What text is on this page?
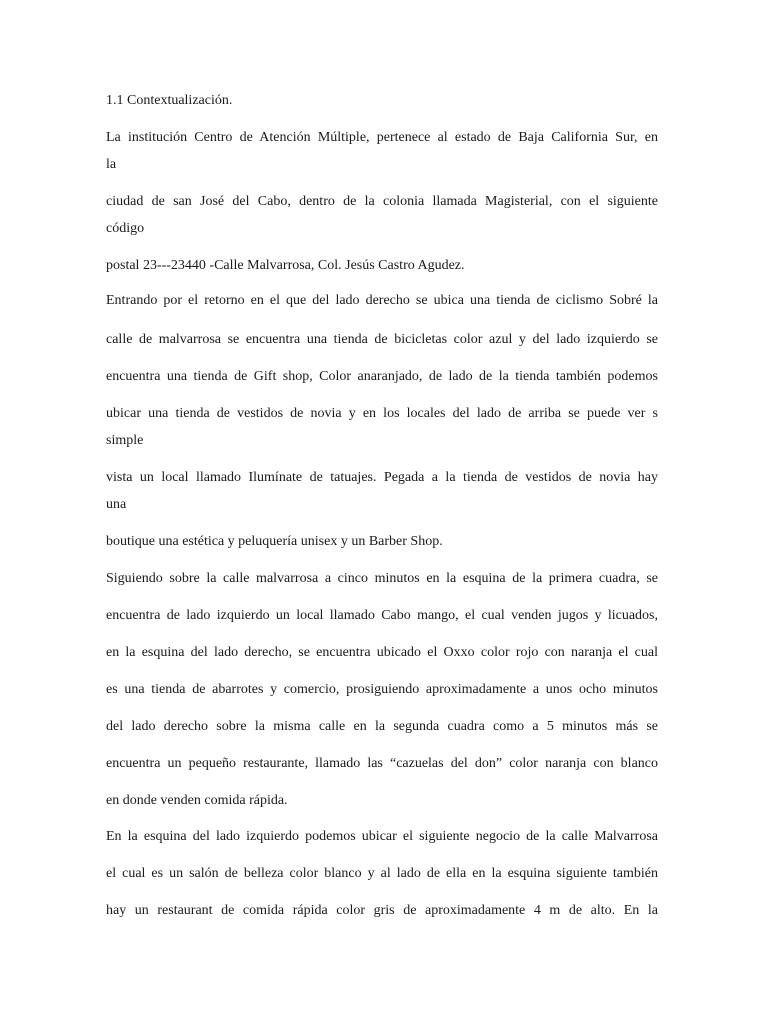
1.1 Contextualización.
La institución Centro de Atención Múltiple, pertenece al estado de Baja California Sur, en
la
ciudad de san José del Cabo, dentro de la colonia llamada Magisterial, con el siguiente
código
postal 23---23440 -Calle Malvarrosa, Col. Jesús Castro Agudez.
Entrando por el retorno en el que del lado derecho se ubica una tienda de ciclismo Sobré la
calle de malvarrosa se encuentra una tienda de bicicletas color azul y del lado izquierdo se
encuentra una tienda de Gift shop, Color anaranjado, de lado de la tienda también podemos
ubicar una tienda de vestidos de novia y en los locales del lado de arriba se puede ver s
simple
vista un local llamado Ilumínate de tatuajes. Pegada a la tienda de vestidos de novia hay
una
boutique una estética y peluquería unisex y un Barber Shop.
Siguiendo sobre la calle malvarrosa a cinco minutos en la esquina de la primera cuadra, se
encuentra de lado izquierdo un local llamado Cabo mango, el cual venden jugos y licuados,
en la esquina del lado derecho, se encuentra ubicado el Oxxo color rojo con naranja el cual
es una tienda de abarrotes y comercio, prosiguiendo aproximadamente a unos ocho minutos
del lado derecho sobre la misma calle en la segunda cuadra como a 5 minutos más se
encuentra un pequeño restaurante, llamado las “cazuelas del don” color naranja con blanco
en donde venden comida rápida.
En la esquina del lado izquierdo podemos ubicar el siguiente negocio de la calle Malvarrosa
el cual es un salón de belleza color blanco y al lado de ella en la esquina siguiente también
hay un restaurant de comida rápida color gris de aproximadamente 4 m de alto. En la
